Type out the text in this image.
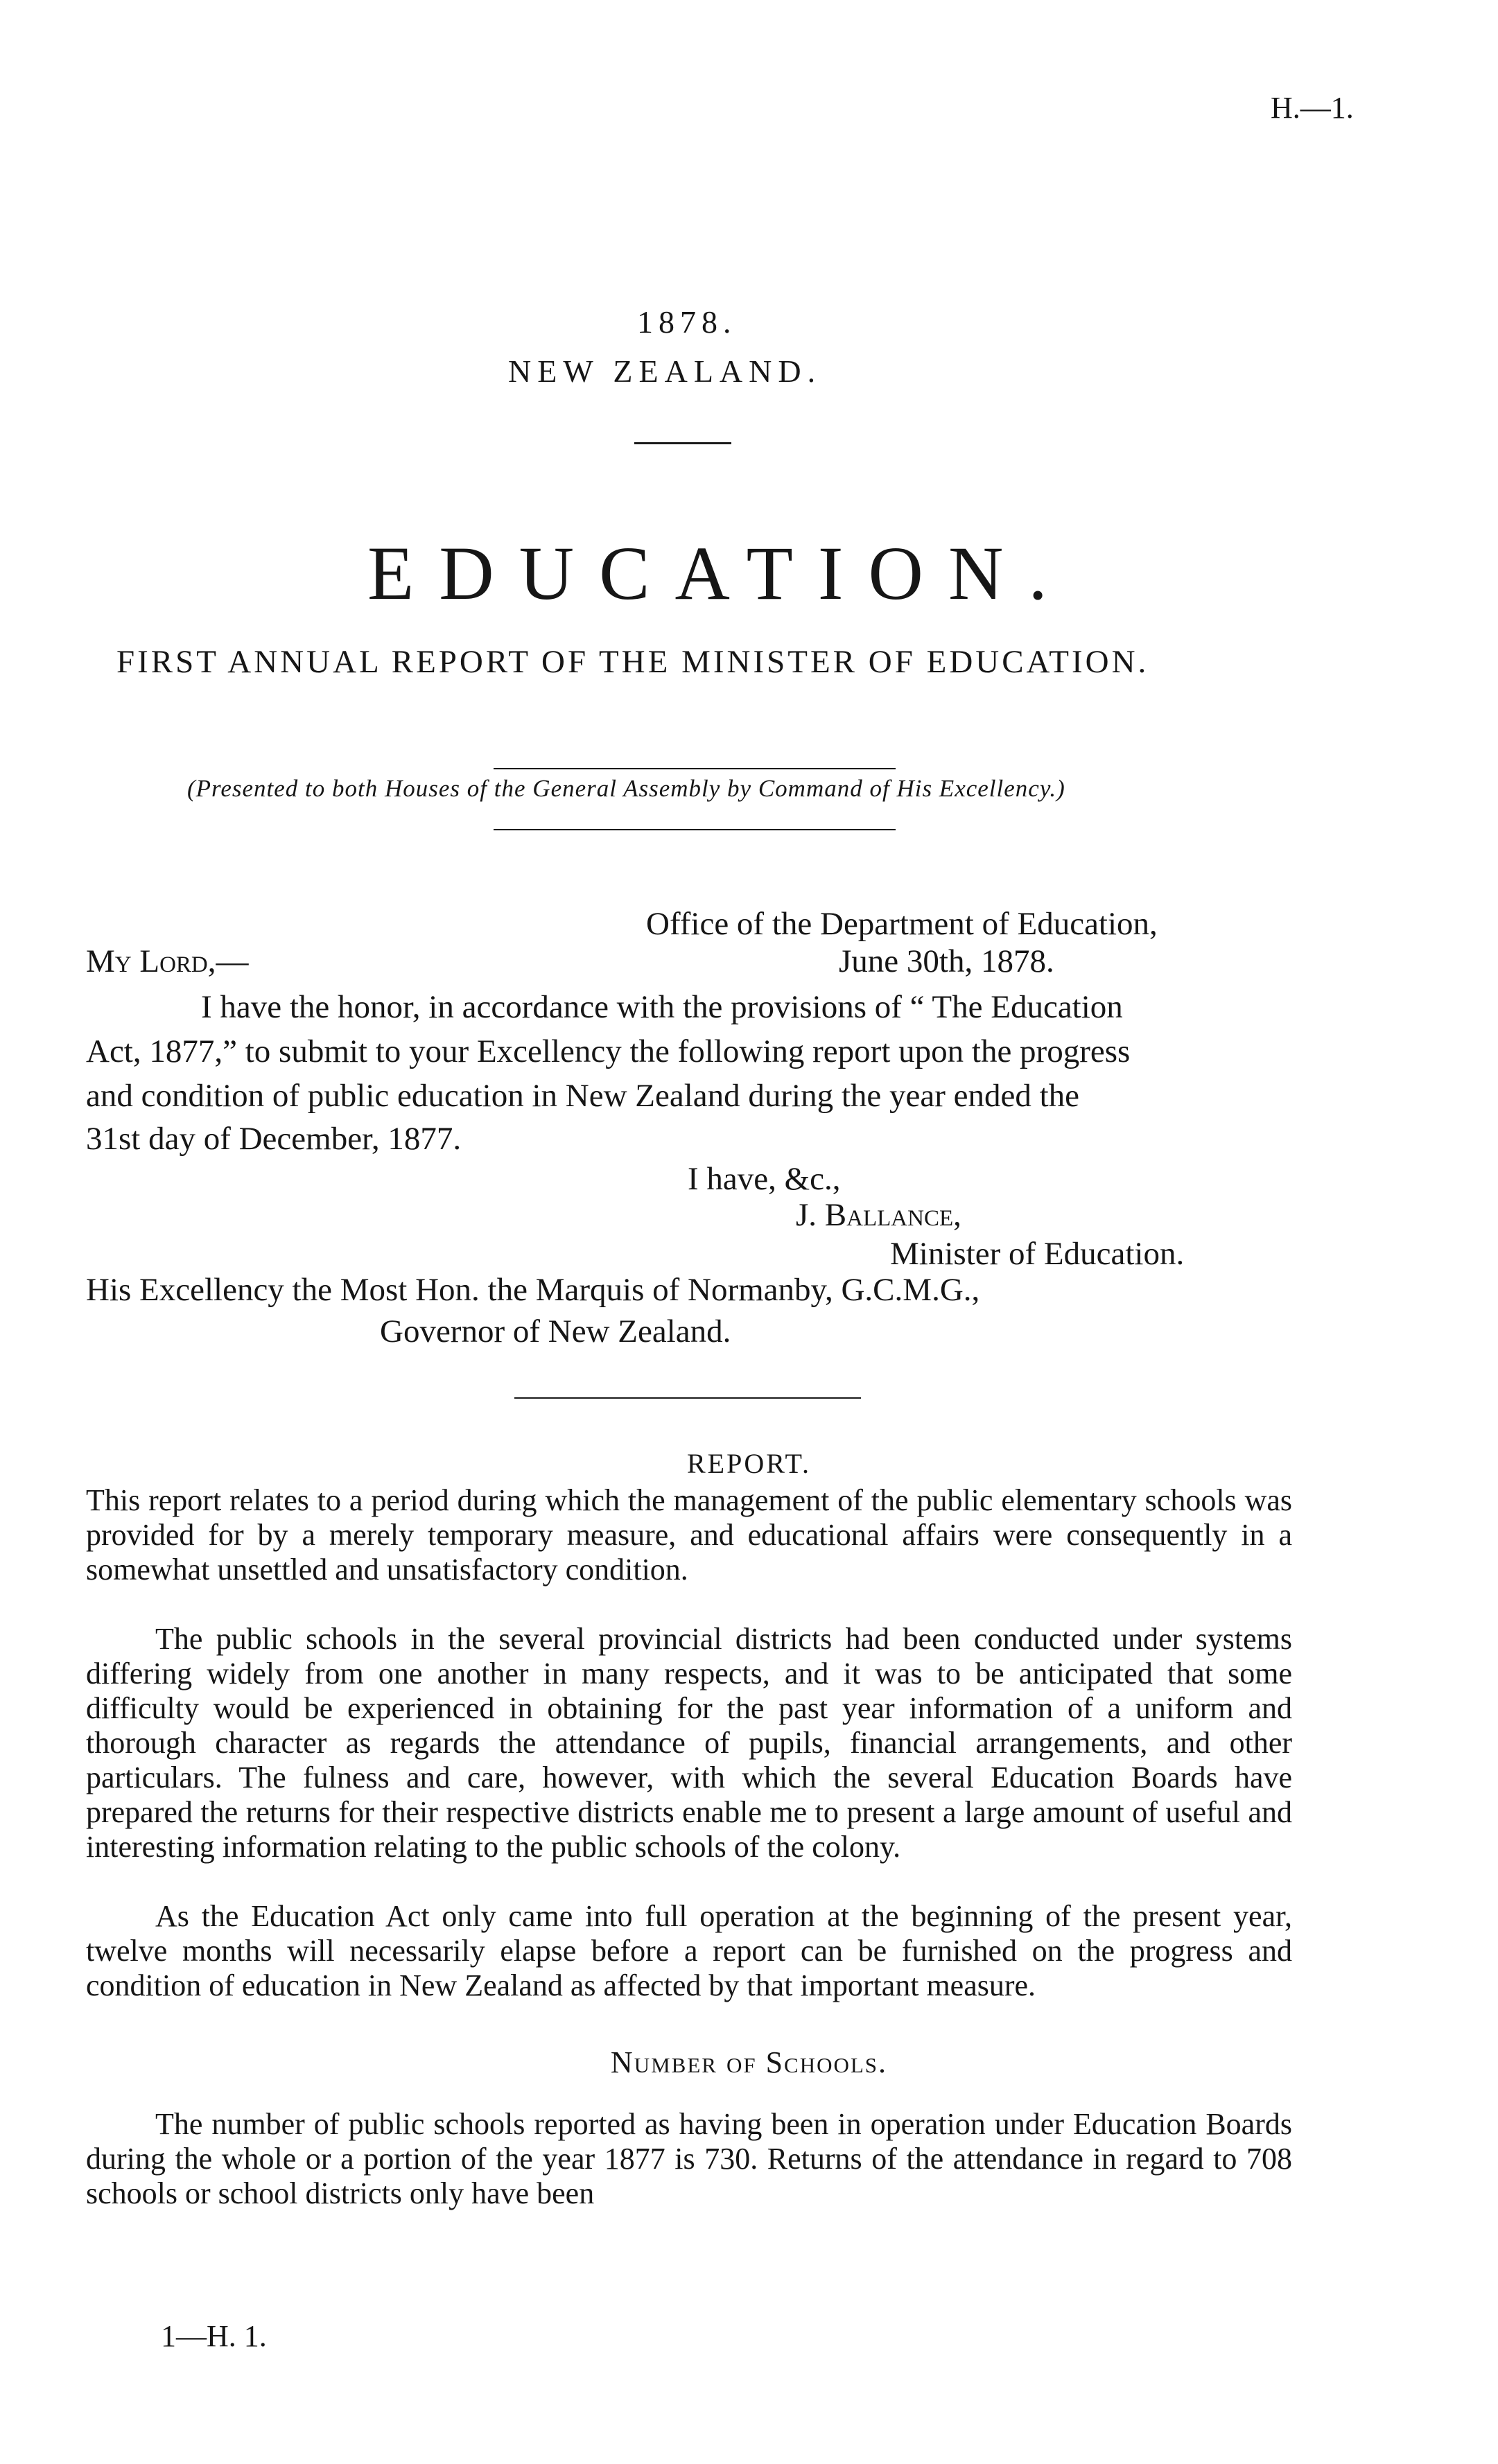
H.—1.
1878.
NEW ZEALAND.
EDUCATION.
FIRST ANNUAL REPORT OF THE MINISTER OF EDUCATION.
(Presented to both Houses of the General Assembly by Command of His Excellency.)
Office of the Department of Education,
My Lord,—	June 30th, 1878.
I have the honor, in accordance with the provisions of “ The Education
Act, 1877,” to submit to your Excellency the following report upon the progress
and condition of public education in New Zealand during the year ended the
31st day of December, 1877.
I have, &c.,
J. Ballance,
Minister of Education.
His Excellency the Most Hon. the Marquis of Normanby, G.C.M.G.,
Governor of New Zealand.
REPORT.

This report relates to a period during which the management of the public elementary schools was provided for by a merely temporary measure, and educational affairs were consequently in a somewhat unsettled and unsatisfactory condition.

The public schools in the several provincial districts had been conducted under systems differing widely from one another in many respects, and it was to be anticipated that some difficulty would be experienced in obtaining for the past year information of a uniform and thorough character as regards the attendance of pupils, financial arrangements, and other particulars. The fulness and care, however, with which the several Education Boards have prepared the returns for their respective districts enable me to present a large amount of useful and interesting information relating to the public schools of the colony.

As the Education Act only came into full operation at the beginning of the present year, twelve months will necessarily elapse before a report can be furnished on the progress and condition of education in New Zealand as affected by that important measure.

Number of Schools.

The number of public schools reported as having been in operation under Education Boards during the whole or a portion of the year 1877 is 730. Returns of the attendance in regard to 708 schools or school districts only have been

1—H. 1.
